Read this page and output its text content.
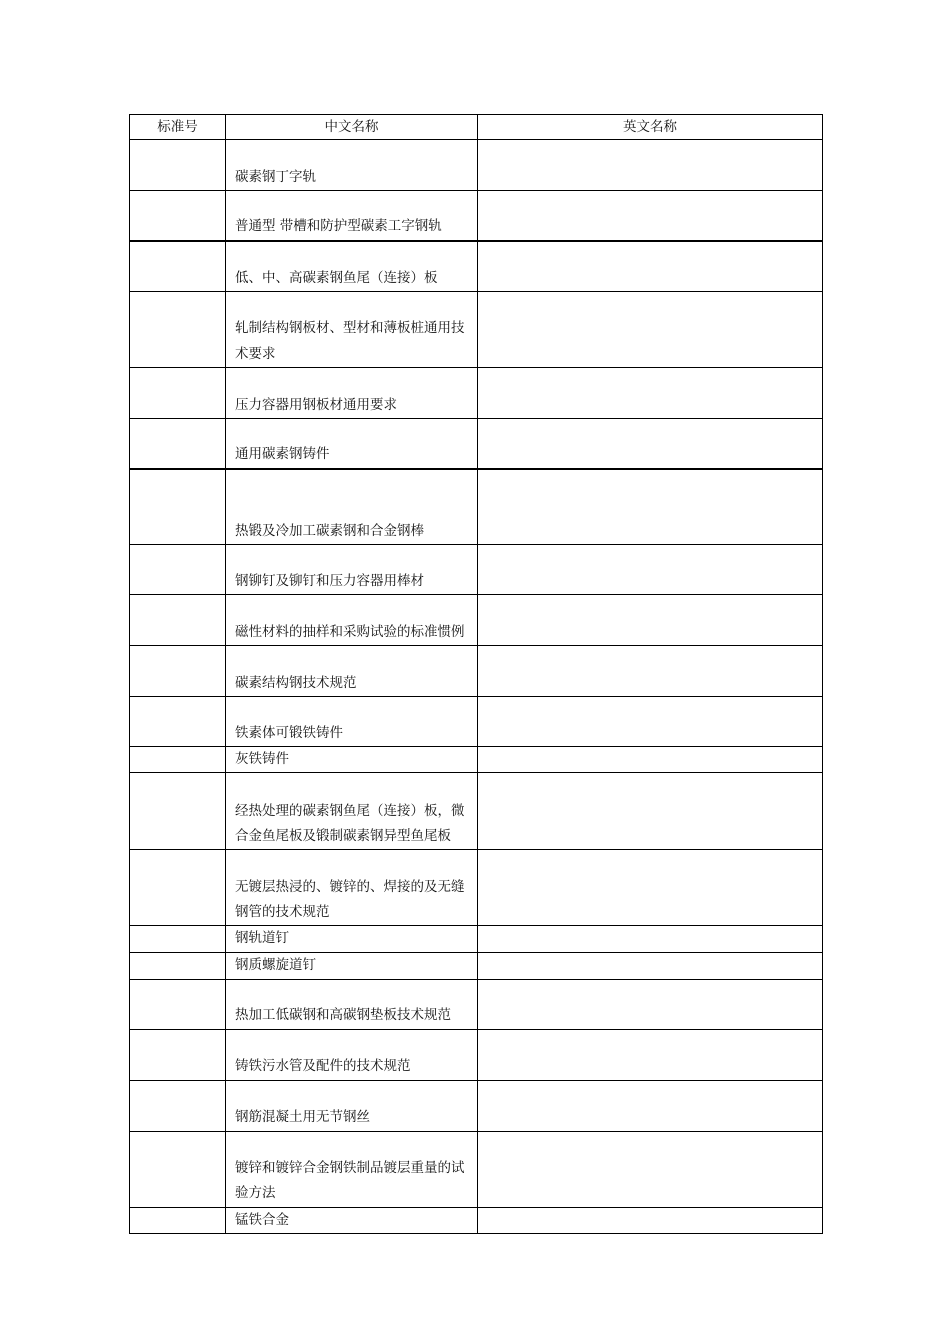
标准号	中文名称	英文名称
	碳素钢丁字轨	
	普通型 带槽和防护型碳素工字钢轨	
	低、中、高碳素钢鱼尾（连接）板	
	轧制结构钢板材、型材和薄板桩通用技术要求	
	压力容器用钢板材通用要求	
	通用碳素钢铸件	
	热锻及冷加工碳素钢和合金钢棒	
	钢铆钉及铆钉和压力容器用棒材	
	磁性材料的抽样和采购试验的标准惯例	
	碳素结构钢技术规范	
	铁素体可锻铁铸件	
	灰铁铸件	
	经热处理的碳素钢鱼尾（连接）板，微合金鱼尾板及锻制碳素钢异型鱼尾板	
	无镀层热浸的、镀锌的、焊接的及无缝钢管的技术规范	
	钢轨道钉	
	钢质螺旋道钉	
	热加工低碳钢和高碳钢垫板技术规范	
	铸铁污水管及配件的技术规范	
	钢筋混凝土用无节钢丝	
	镀锌和镀锌合金钢铁制品镀层重量的试验方法	
	锰铁合金	
